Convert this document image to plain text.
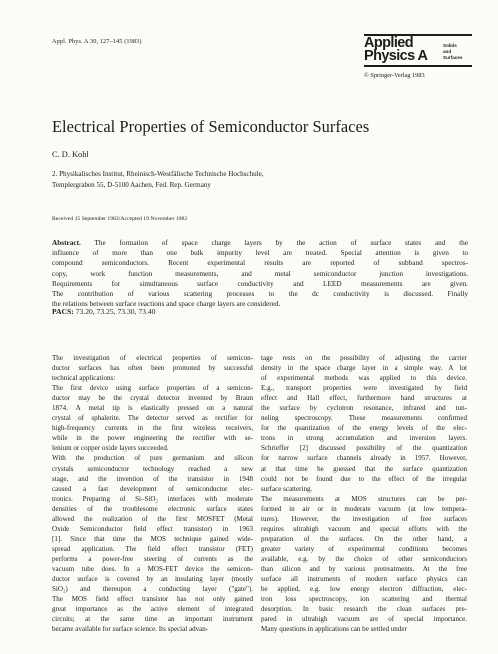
Appl. Phys. A 30, 127–145 (1983)	Applied
Physics A
Solids
and
Surfaces
© Springer-Verlag 1983
Electrical Properties of Semiconductor Surfaces
C. D. Kohl
2. Physikalisches Institut, Rheinisch-Westfälische Technische Hochschule,
Templergraben 55, D-5100 Aachen, Fed. Rep. Germany
Received 15 September 1982/Accepted 19 November 1982
Abstract. The formation of space charge layers by the action of surface states and the
influence of more than one bulk impurity level are treated. Special attention is given to
compound semiconductors. Recent experimental results are reported of subband spectros-
copy, work function measurements, and metal semiconductor junction investigations.
Requirements for simultaneous surface conductivity and LEED measurements are given.
The contribution of various scattering processes to the dc conductivity is discussed. Finally
the relations between surface reactions and space charge layers are considered.
PACS: 73.20, 73.25, 73.30, 73.40
The investigation of electrical properties of semicon-
ductor surfaces has often been promoted by successful
technical applications:
The first device using surface properties of a semicon-
ductor may be the crystal detector invented by Braun
1874. A metal tip is elastically pressed on a natural
crystal of sphalerite. The detector served as rectifier for
high-frequency currents in the first wireless receivers,
while in the power engineering the rectifier with se-
lenium or copper oxide layers succeeded.
With the production of pure germanium and silicon
crystals semiconductor technology reached a new
stage, and the invention of the transistor in 1948
caused a fast development of semiconductor elec-
tronics. Preparing of Si–SiO₂ interfaces with moderate
densities of the troublesome electronic surface states
allowed the realization of the first MOSFET (Metal
Oxide Semiconductor field effect transistor) in 1963
[1]. Since that time the MOS technique gained wide-
spread application. The field effect transistor (FET)
performs a power-free steering of currents as the
vacuum tube does. In a MOS-FET device the semicon-
ductor surface is covered by an insulating layer (mostly
SiO₂) and thereupon a conducting layer ("gate").
The MOS field effect transistor has not only gained
great importance as the active element of integrated
circuits; at the same time an important instrument
became available for surface science. Its special advan-
tage rests on the possibility of adjusting the carrier
density in the space charge layer in a simple way. A lot
of experimental methods was applied to this device.
E.g., transport properties were investigated by field
effect and Hall effect, furthermore band structures at
the surface by cyclotron resonance, infrared and tun-
neling spectroscopy. These measurements confirmed
for the quantization of the energy levels of the elec-
trons in strong accumulation and inversion layers.
Schrieffer [2] discussed possibility of the quantization
for narrow surface channels already in 1957. However,
at that time he guessed that the surface quantization
could not be found due to the effect of the irregular
surface scattering.
The measurements at MOS structures can be per-
formed in air or in moderate vacuum (at low tempera-
tures). However, the investigation of free surfaces
requires ultrahigh vacuum and special efforts with the
preparation of the surfaces. On the other hand, a
greater variety of experimental conditions becomes
available, e.g. by the choice of other semiconductors
than silicon and by various pretreatments. At the free
surface all instruments of modern surface physics can
be applied, e.g. low energy electron diffraction, elec-
tron loss spectroscopy, ion scattering and thermal
desorption. In basic research the clean surfaces pre-
pared in ultrahigh vacuum are of special importance.
Many questions in applications can be settled under
